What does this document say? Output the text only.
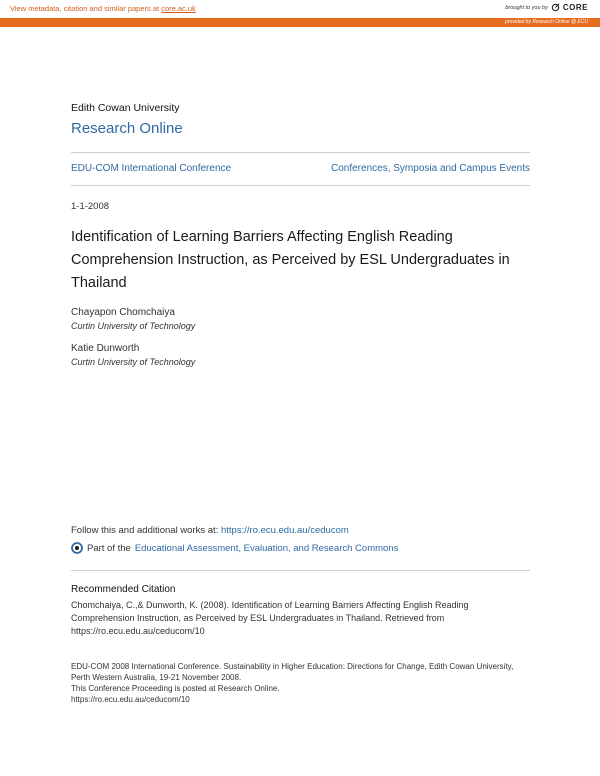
View metadata, citation and similar papers at core.ac.uk	brought to you by CORE
provided by Research Online @ ECU
Edith Cowan University
Research Online
EDU-COM International Conference	Conferences, Symposia and Campus Events
1-1-2008
Identification of Learning Barriers Affecting English Reading Comprehension Instruction, as Perceived by ESL Undergraduates in Thailand
Chayapon Chomchaiya
Curtin University of Technology
Katie Dunworth
Curtin University of Technology
Follow this and additional works at: https://ro.ecu.edu.au/ceducom
Part of the Educational Assessment, Evaluation, and Research Commons
Recommended Citation
Chomchaiya, C.,& Dunworth, K. (2008). Identification of Learning Barriers Affecting English Reading Comprehension Instruction, as Perceived by ESL Undergraduates in Thailand. Retrieved from https://ro.ecu.edu.au/ceducom/10
EDU-COM 2008 International Conference. Sustainability in Higher Education: Directions for Change, Edith Cowan University, Perth Western Australia, 19-21 November 2008.
This Conference Proceeding is posted at Research Online.
https://ro.ecu.edu.au/ceducom/10
